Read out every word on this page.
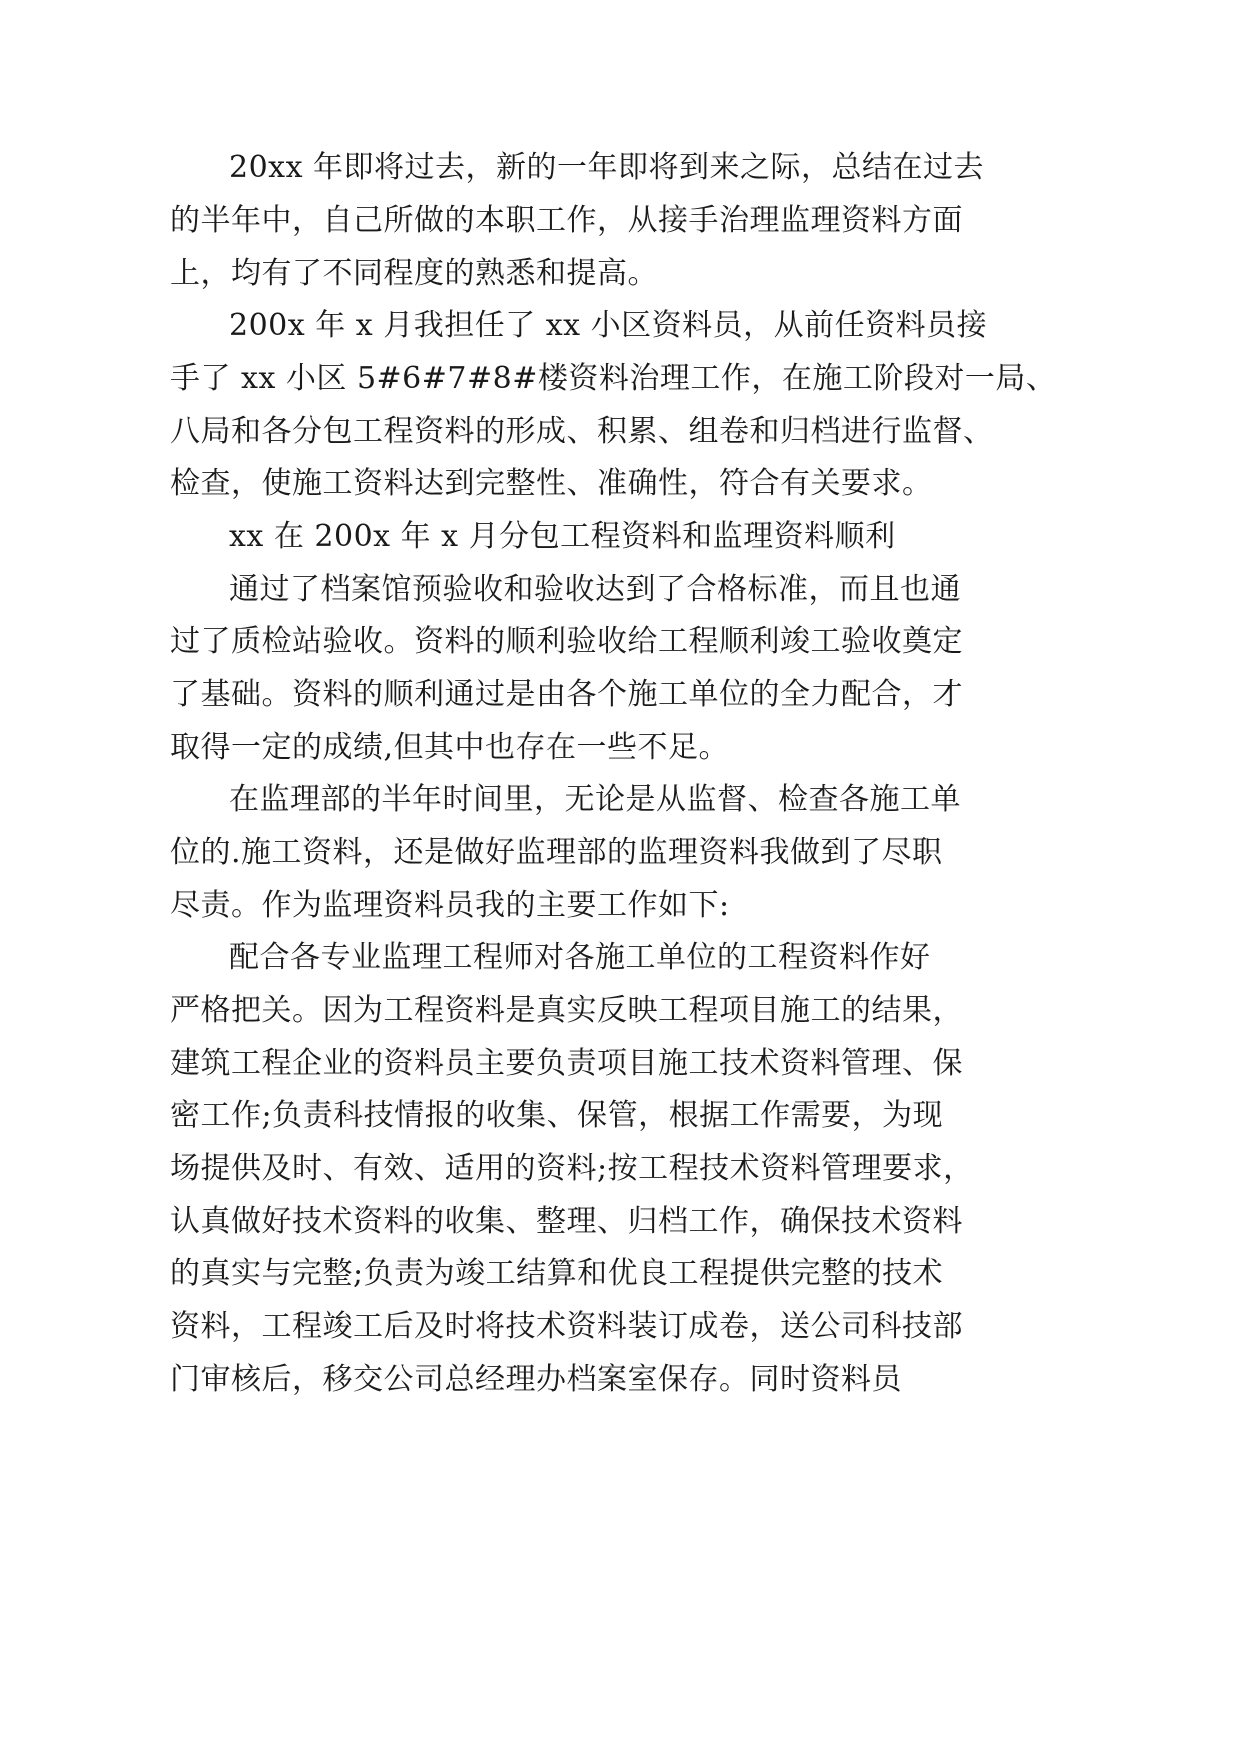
20xx 年即将过去，新的一年即将到来之际，总结在过去
的半年中，自己所做的本职工作，从接手治理监理资料方面
上，均有了不同程度的熟悉和提高。
200x 年 x 月我担任了 xx 小区资料员，从前任资料员接
手了 xx 小区 5#6#7#8#楼资料治理工作，在施工阶段对一局、
八局和各分包工程资料的形成、积累、组卷和归档进行监督、
检查，使施工资料达到完整性、准确性，符合有关要求。
xx 在 200x 年 x 月分包工程资料和监理资料顺利
通过了档案馆预验收和验收达到了合格标准，而且也通
过了质检站验收。资料的顺利验收给工程顺利竣工验收奠定
了基础。资料的顺利通过是由各个施工单位的全力配合，才
取得一定的成绩,但其中也存在一些不足。
在监理部的半年时间里，无论是从监督、检查各施工单
位的.施工资料，还是做好监理部的监理资料我做到了尽职
尽责。作为监理资料员我的主要工作如下:
配合各专业监理工程师对各施工单位的工程资料作好
严格把关。因为工程资料是真实反映工程项目施工的结果，
建筑工程企业的资料员主要负责项目施工技术资料管理、保
密工作;负责科技情报的收集、保管，根据工作需要，为现
场提供及时、有效、适用的资料;按工程技术资料管理要求，
认真做好技术资料的收集、整理、归档工作，确保技术资料
的真实与完整;负责为竣工结算和优良工程提供完整的技术
资料，工程竣工后及时将技术资料装订成卷，送公司科技部
门审核后，移交公司总经理办档案室保存。同时资料员
